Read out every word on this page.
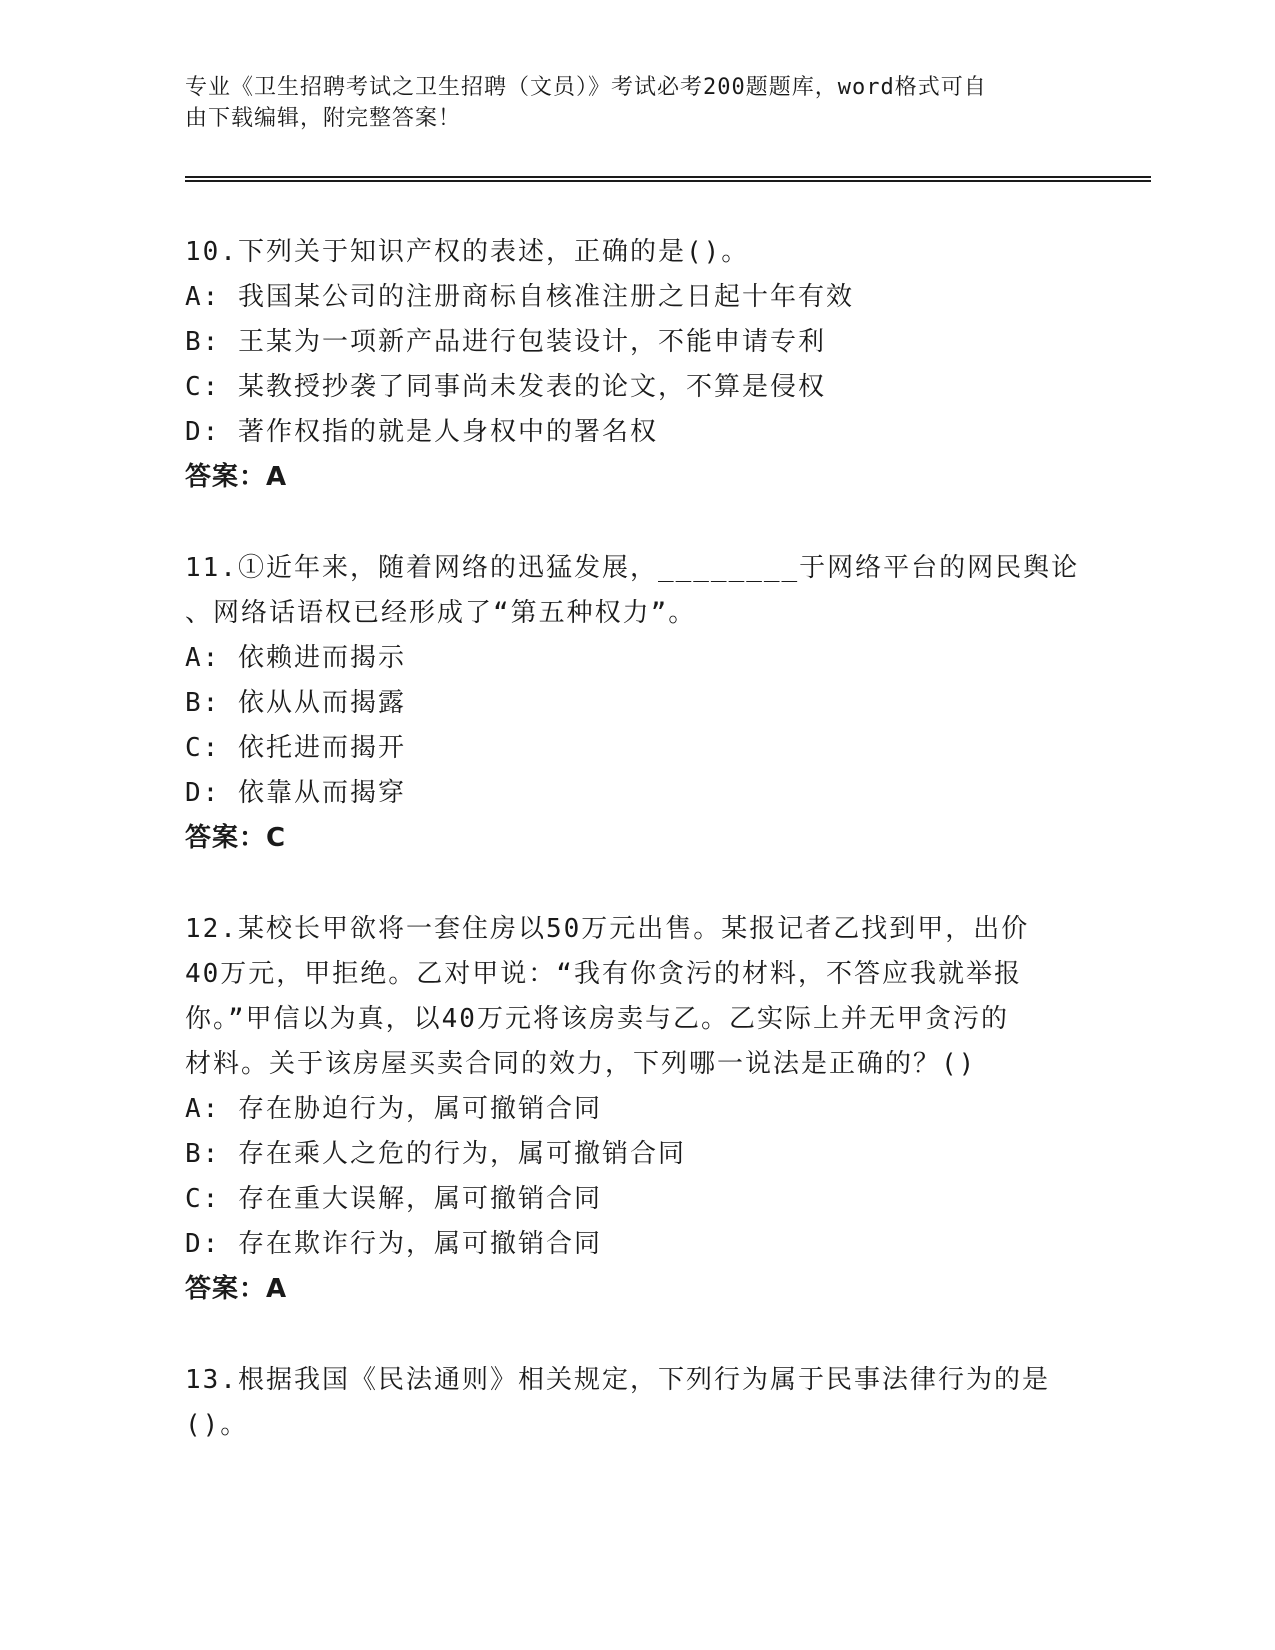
专业《卫生招聘考试之卫生招聘（文员）》考试必考200题题库，word格式可自
由下载编辑，附完整答案！

10.下列关于知识产权的表述，正确的是()。

A: 我国某公司的注册商标自核准注册之日起十年有效

B: 王某为一项新产品进行包装设计，不能申请专利

C: 某教授抄袭了同事尚未发表的论文，不算是侵权

D: 著作权指的就是人身权中的署名权

答案：A

11.①近年来，随着网络的迅猛发展，________于网络平台的网民舆论

、网络话语权已经形成了“第五种权力”。

A: 依赖进而揭示

B: 依从从而揭露

C: 依托进而揭开

D: 依靠从而揭穿

答案：C

12.某校长甲欲将一套住房以50万元出售。某报记者乙找到甲，出价

40万元，甲拒绝。乙对甲说：“我有你贪污的材料，不答应我就举报

你。”甲信以为真，以40万元将该房卖与乙。乙实际上并无甲贪污的

材料。关于该房屋买卖合同的效力，下列哪一说法是正确的？()

A: 存在胁迫行为，属可撤销合同

B: 存在乘人之危的行为，属可撤销合同

C: 存在重大误解，属可撤销合同

D: 存在欺诈行为，属可撤销合同

答案：A

13.根据我国《民法通则》相关规定，下列行为属于民事法律行为的是

()。
